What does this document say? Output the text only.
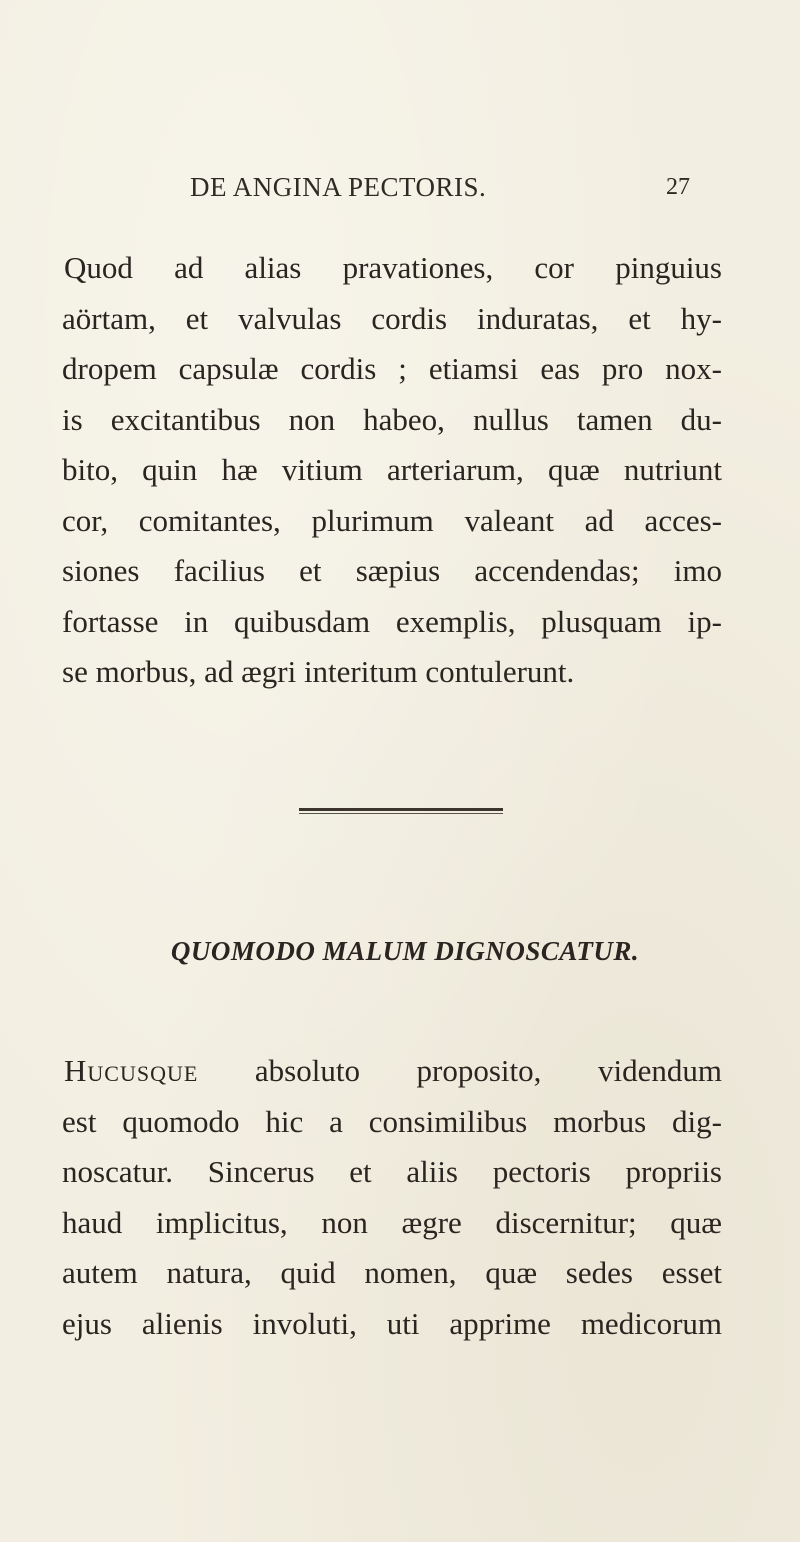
DE ANGINA PECTORIS.	27
Quod ad alias pravationes, cor pinguius
aörtam, et valvulas cordis induratas, et hy-
dropem capsulæ cordis ; etiamsi eas pro nox-
is excitantibus non habeo, nullus tamen du-
bito, quin hæ vitium arteriarum, quæ nutriunt
cor, comitantes, plurimum valeant ad acces-
siones facilius et sæpius accendendas; imo
fortasse in quibusdam exemplis, plusquam ip-
se morbus, ad ægri interitum contulerunt.
QUOMODO MALUM DIGNOSCATUR.
Hucusque absoluto proposito, videndum
est quomodo hic a consimilibus morbus dig-
noscatur. Sincerus et aliis pectoris propriis
haud implicitus, non ægre discernitur; quæ
autem natura, quid nomen, quæ sedes esset
ejus alienis involuti, uti apprime medicorum
